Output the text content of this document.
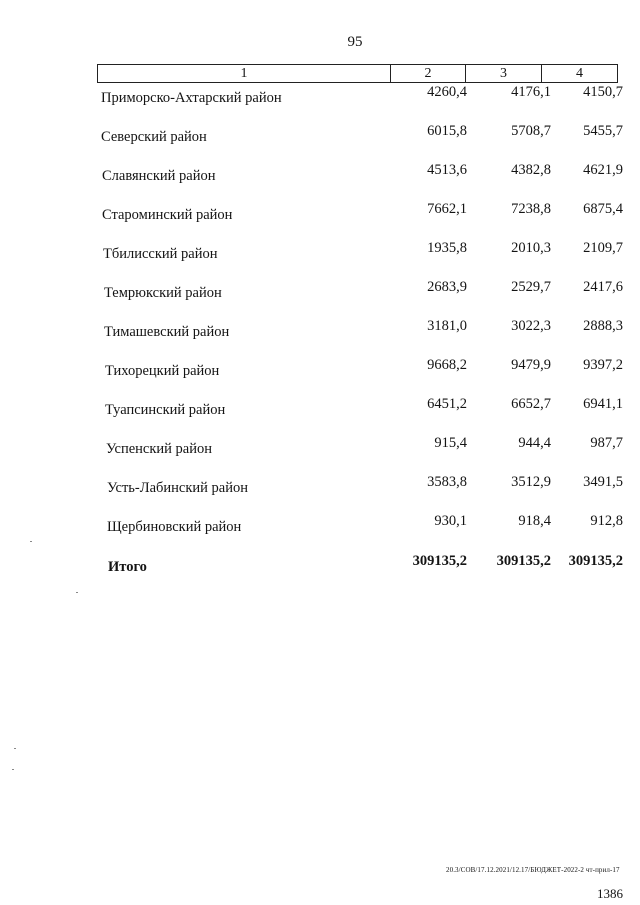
95
1	2	3	4
Приморско-Ахтарский район	4260,4	4176,1	4150,7
Северский район	6015,8	5708,7	5455,7
Славянский район	4513,6	4382,8	4621,9
Староминский район	7662,1	7238,8	6875,4
Тбилисский район	1935,8	2010,3	2109,7
Темрюкский район	2683,9	2529,7	2417,6
Тимашевский район	3181,0	3022,3	2888,3
Тихорецкий район	9668,2	9479,9	9397,2
Туапсинский район	6451,2	6652,7	6941,1
Успенский район	915,4	944,4	987,7
Усть-Лабинский район	3583,8	3512,9	3491,5
Щербиновский район	930,1	918,4	912,8
Итого	309135,2	309135,2	309135,2
20.3/СОВ/17.12.2021/12.17/БЮДЖЕТ-2022-2 чт-прил-17
1386
